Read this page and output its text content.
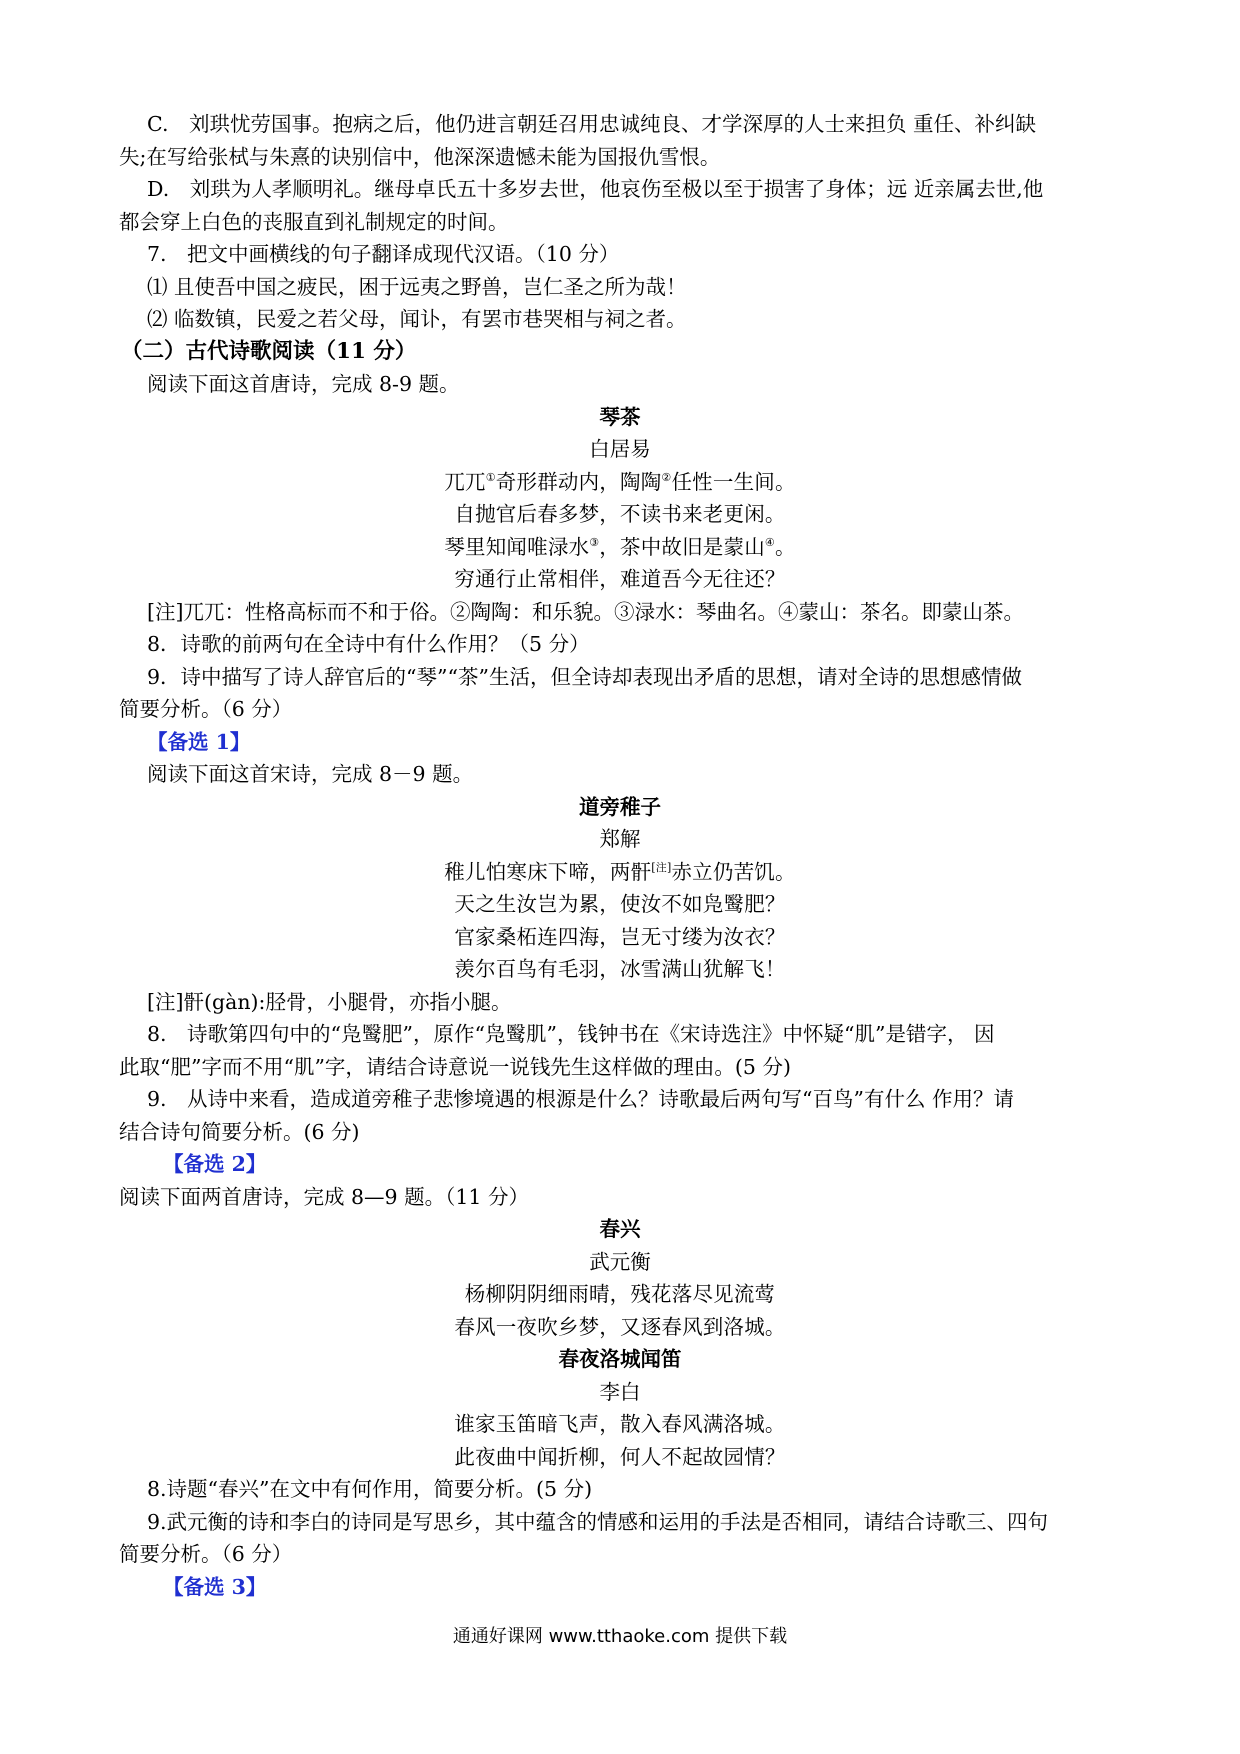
C.　刘珙忧劳国事。抱病之后，他仍进言朝廷召用忠诚纯良、才学深厚的人士来担负 重任、补纠缺

失;在写给张栻与朱熹的诀别信中，他深深遗憾未能为国报仇雪恨。

D.　刘珙为人孝顺明礼。继母卓氏五十多岁去世，他哀伤至极以至于损害了身体；远 近亲属去世,他

都会穿上白色的丧服直到礼制规定的时间。

7.　把文中画横线的句子翻译成现代汉语。（10 分）

⑴ 且使吾中国之疲民，困于远夷之野兽，岂仁圣之所为哉！

⑵ 临数镇，民爱之若父母，闻讣，有罢市巷哭相与祠之者。

（二）古代诗歌阅读（11 分）

阅读下面这首唐诗，完成 8-9 题。

琴茶

白居易

兀兀①奇形群动内，陶陶②任性一生间。

自抛官后春多梦，不读书来老更闲。

琴里知闻唯渌水③，茶中故旧是蒙山④。

穷通行止常相伴，难道吾今无往还？

[注]兀兀：性格高标而不和于俗。②陶陶：和乐貌。③渌水：琴曲名。④蒙山：茶名。即蒙山茶。

8．诗歌的前两句在全诗中有什么作用？（5 分）

9．诗中描写了诗人辞官后的“琴”“茶”生活，但全诗却表现出矛盾的思想，请对全诗的思想感情做

简要分析。（6 分）

【备选 1】

阅读下面这首宋诗，完成 8－9 题。

道旁稚子

郑解

稚儿怕寒床下啼，两骭[注]赤立仍苦饥。

天之生汝岂为累，使汝不如凫鹥肥？

官家桑柘连四海，岂无寸缕为汝衣？

羡尔百鸟有毛羽，冰雪满山犹解飞！

[注]骭(gàn):胫骨，小腿骨，亦指小腿。

8.　诗歌第四句中的“凫鹥肥”，原作“凫鹥肌”，钱钟书在《宋诗选注》中怀疑“肌”是错字， 因

此取“肥”字而不用“肌”字，请结合诗意说一说钱先生这样做的理由。(5 分)

9.　从诗中来看，造成道旁稚子悲惨境遇的根源是什么？诗歌最后两句写“百鸟”有什么 作用？请

结合诗句简要分析。(6 分)

【备选 2】

阅读下面两首唐诗，完成 8—9 题。（11 分）

春兴

武元衡

杨柳阴阴细雨晴，残花落尽见流莺

春风一夜吹乡梦，又逐春风到洛城。

春夜洛城闻笛

李白

谁家玉笛暗飞声，散入春风满洛城。

此夜曲中闻折柳，何人不起故园情？

8.诗题“春兴”在文中有何作用，简要分析。(5 分)

9.武元衡的诗和李白的诗同是写思乡，其中蕴含的情感和运用的手法是否相同，请结合诗歌三、四句

简要分析。（6 分）

【备选 3】

通通好课网 www.tthaoke.com 提供下载
